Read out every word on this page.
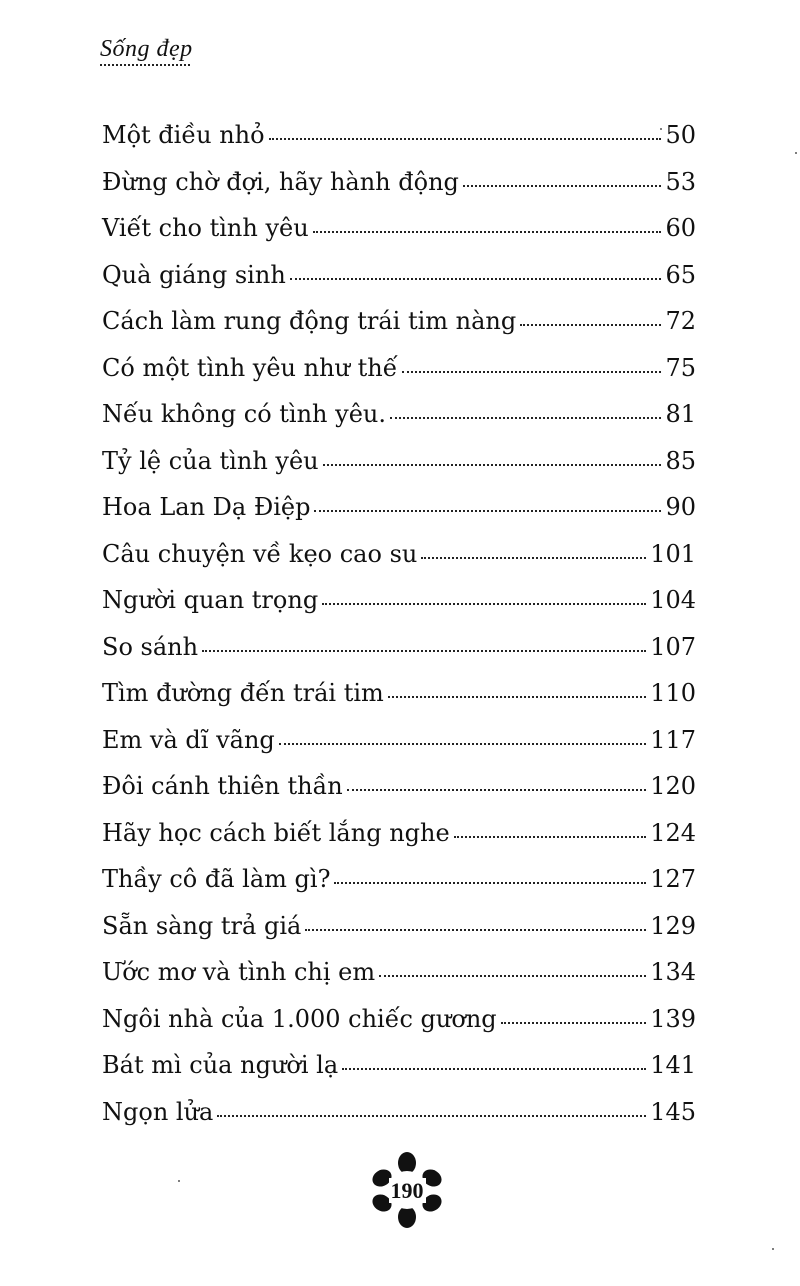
Sống đẹp
Một điều nhỏ	50
Đừng chờ đợi, hãy hành động	53
Viết cho tình yêu	60
Quà giáng sinh	65
Cách làm rung động trái tim nàng	72
Có một tình yêu như thế	75
Nếu không có tình yêu.	81
Tỷ lệ của tình yêu	85
Hoa Lan Dạ Điệp	90
Câu chuyện về kẹo cao su	101
Người quan trọng	104
So sánh	107
Tìm đường đến trái tim	110
Em và dĩ vãng	117
Đôi cánh thiên thần	120
Hãy học cách biết lắng nghe	124
Thầy cô đã làm gì?	127
Sẵn sàng trả giá	129
Ước mơ và tình chị em	134
Ngôi nhà của 1.000 chiếc gương	139
Bát mì của người lạ	141
Ngọn lửa	145
190
